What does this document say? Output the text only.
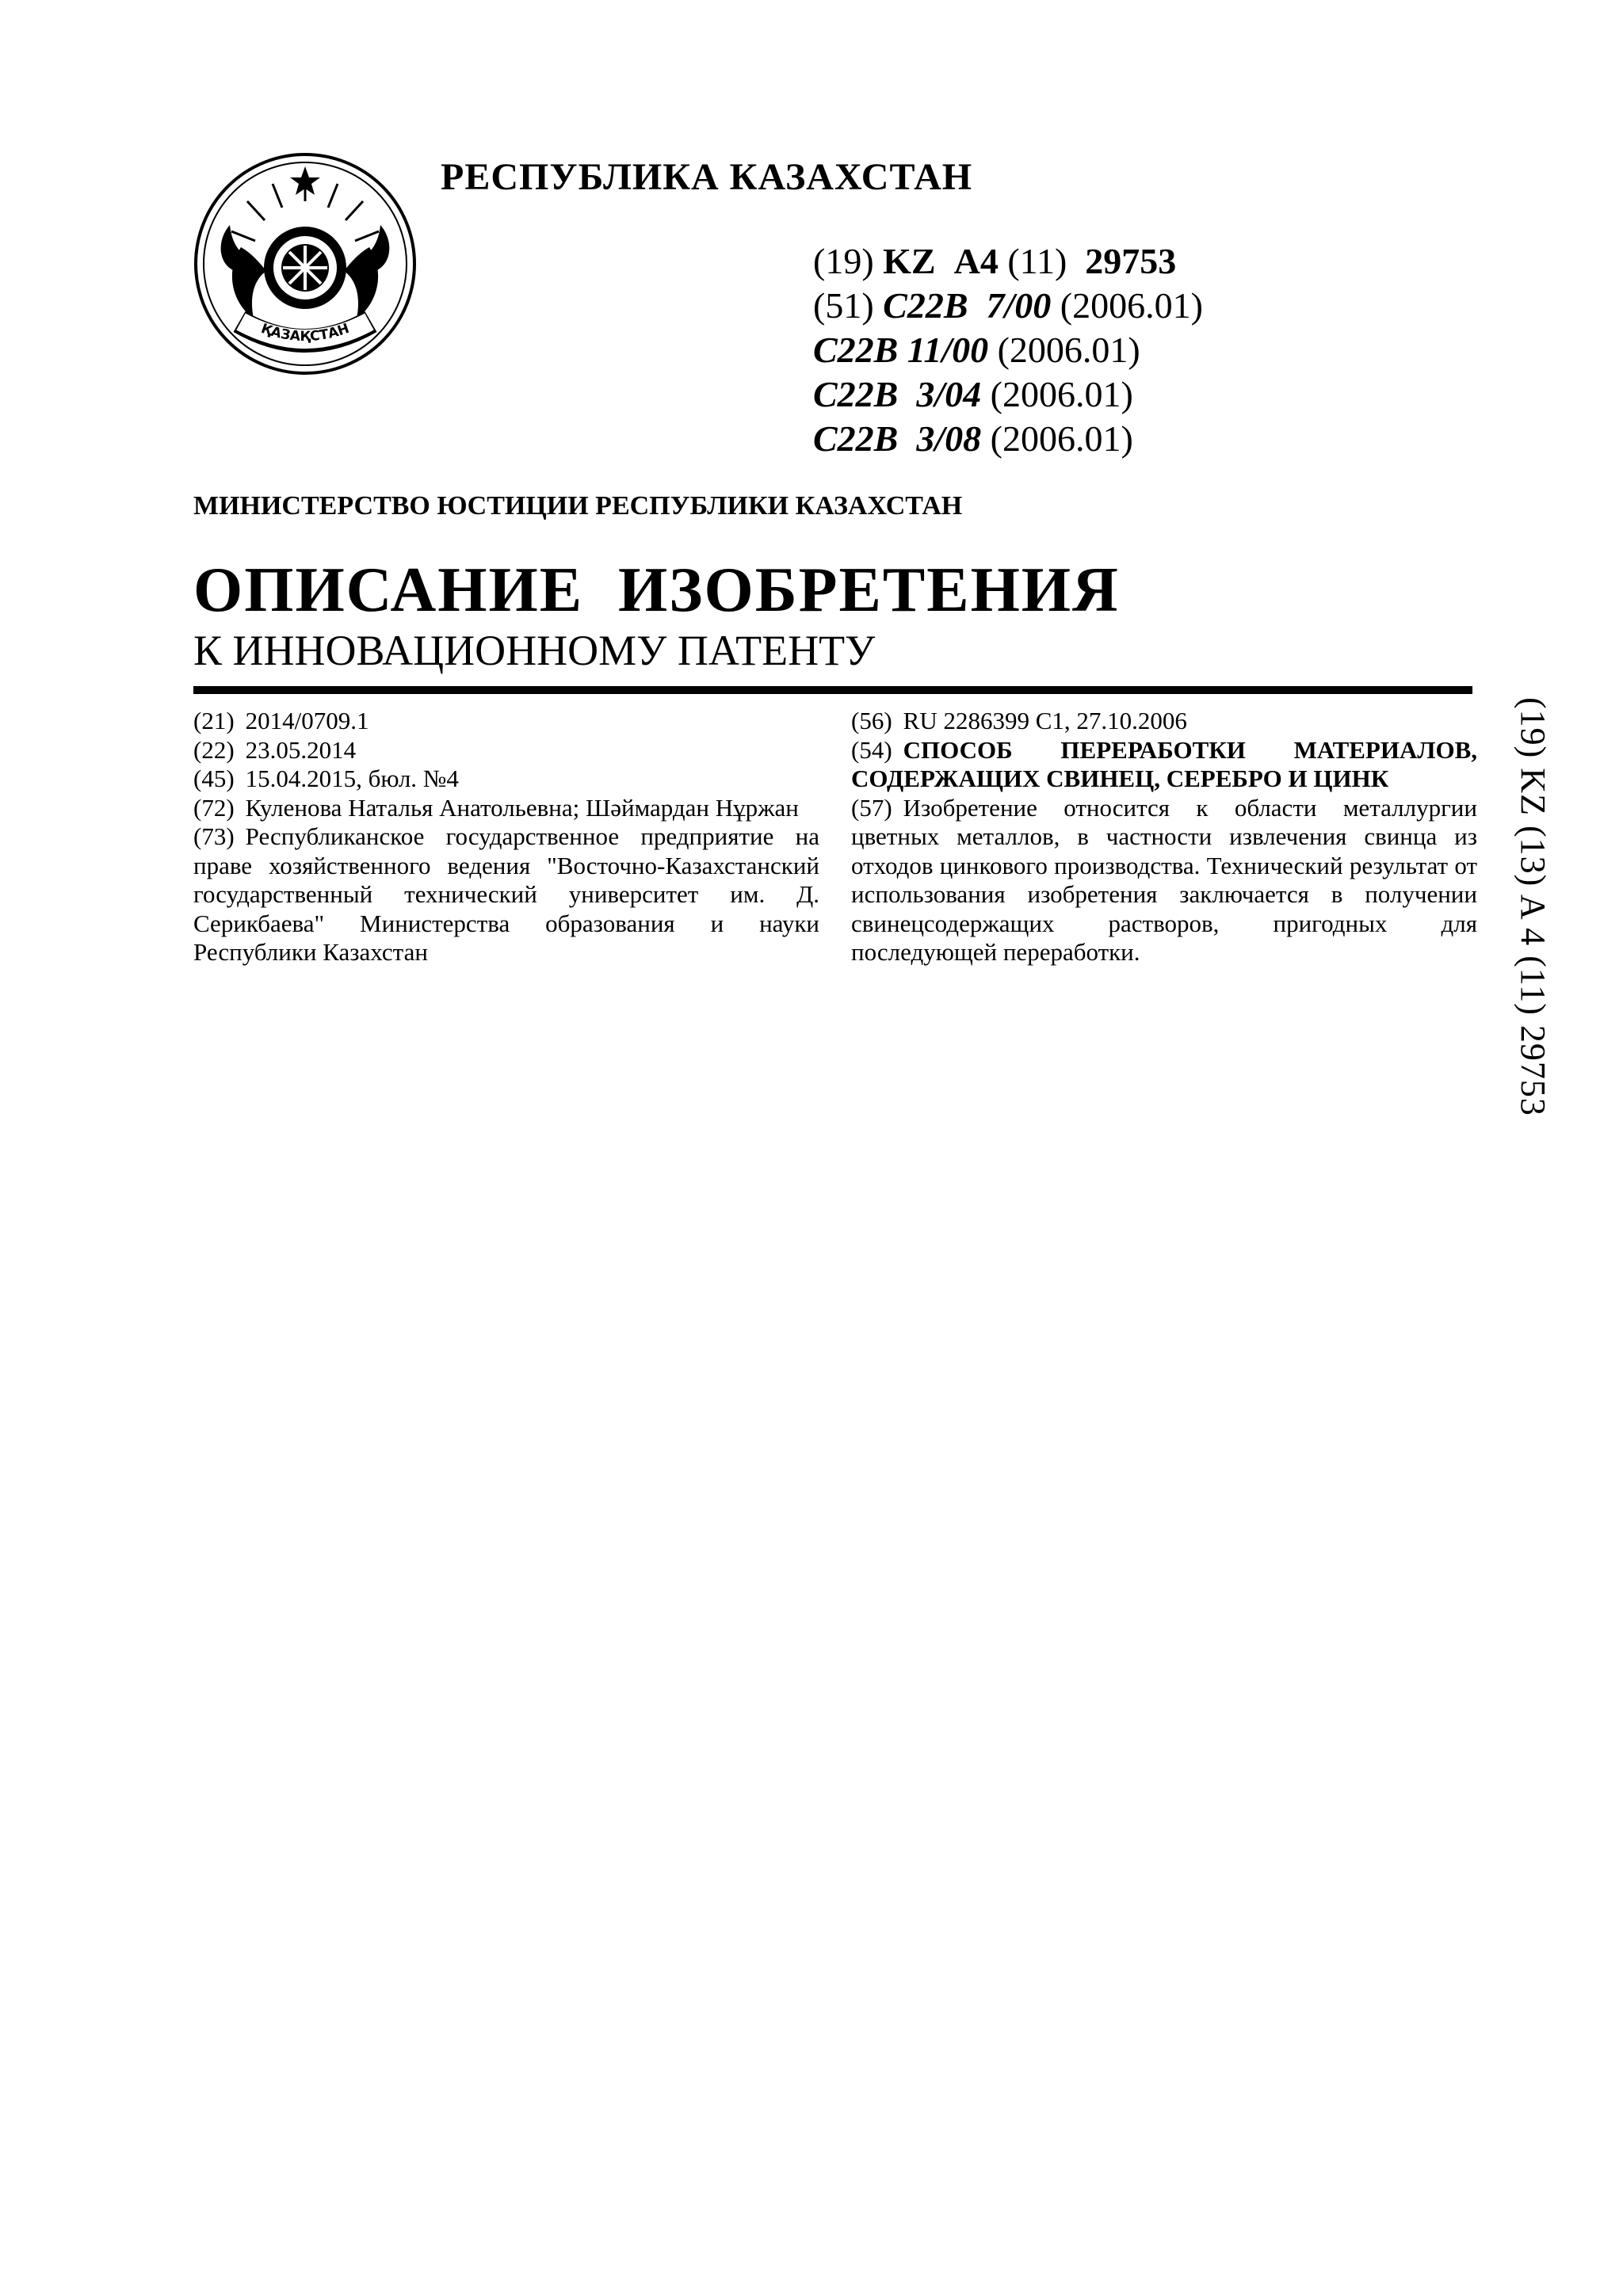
ҚАЗАҚСТАН
РЕСПУБЛИКА КАЗАХСТАН
(19) KZ A4 (11) 29753
(51) C22B  7/00 (2006.01)
C22B 11/00 (2006.01)
C22B  3/04 (2006.01)
C22B  3/08 (2006.01)
МИНИСТЕРСТВО ЮСТИЦИИ РЕСПУБЛИКИ КАЗАХСТАН
ОПИСАНИЕ  ИЗОБРЕТЕНИЯ
К ИННОВАЦИОННОМУ ПАТЕНТУ
(21) 2014/0709.1
(22) 23.05.2014
(45) 15.04.2015, бюл. №4
(72) Куленова Наталья Анатольевна; Шәймардан Нұржан
(73) Республиканское государственное предприятие на праве хозяйственного ведения "Восточно-Казахстанский государственный технический университет им. Д. Серикбаева" Министерства образования и науки Республики Казахстан
(56) RU 2286399 C1, 27.10.2006
(54) СПОСОБ ПЕРЕРАБОТКИ МАТЕРИАЛОВ, СОДЕРЖАЩИХ СВИНЕЦ, СЕРЕБРО И ЦИНК
(57) Изобретение относится к области металлургии цветных металлов, в частности извлечения свинца из отходов цинкового производства. Технический результат от использования изобретения заключается в получении свинецсодержащих растворов, пригодных для последующей переработки.	(19) KZ (13) A 4 (11) 29753
